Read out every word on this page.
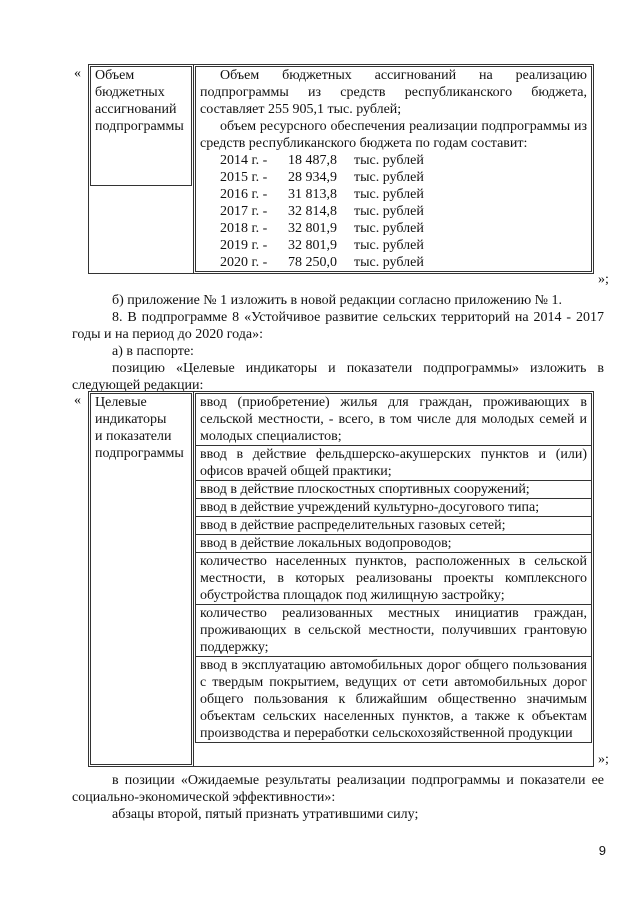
« Объем
бюджетных
ассигнований
подпрограммы

Объем бюджетных ассигнований на реализацию подпрограммы из средств республиканского бюджета, составляет 255 905,1 тыс. рублей;
объем ресурсного обеспечения реализации подпрограммы из средств республиканского бюджета по годам составит:
2014 г. -	18 487,8	тыс. рублей
2015 г. -	28 934,9	тыс. рублей
2016 г. -	31 813,8	тыс. рублей
2017 г. -	32 814,8	тыс. рублей
2018 г. -	32 801,9	тыс. рублей
2019 г. -	32 801,9	тыс. рублей
2020 г. -	78 250,0	тыс. рублей
»;
б) приложение № 1 изложить в новой редакции согласно приложению № 1.
8. В подпрограмме 8 «Устойчивое развитие сельских территорий на 2014 - 2017 годы и на период до 2020 года»:
а) в паспорте:
позицию «Целевые индикаторы и показатели подпрограммы» изложить в следующей редакции:
« Целевые
индикаторы
и показатели
подпрограммы

ввод (приобретение) жилья для граждан, проживающих в сельской местности, - всего, в том числе для молодых семей и молодых специалистов;

ввод в действие фельдшерско-акушерских пунктов и (или) офисов врачей общей практики;

ввод в действие плоскостных спортивных сооружений;

ввод в действие учреждений культурно-досугового типа;

ввод в действие распределительных газовых сетей;

ввод в действие локальных водопроводов;

количество населенных пунктов, расположенных в сельской местности, в которых реализованы проекты комплексного обустройства площадок под жилищную застройку;

количество реализованных местных инициатив граждан, проживающих в сельской местности, получивших грантовую поддержку;

ввод в эксплуатацию автомобильных дорог общего пользования с твердым покрытием, ведущих от сети автомобильных дорог общего пользования к ближайшим общественно значимым объектам сельских населенных пунктов, а также к объектам производства и переработки сельскохозяйственной продукции

»;
в позиции «Ожидаемые результаты реализации подпрограммы и показатели ее социально-экономической эффективности»:
абзацы второй, пятый признать утратившими силу;
9
